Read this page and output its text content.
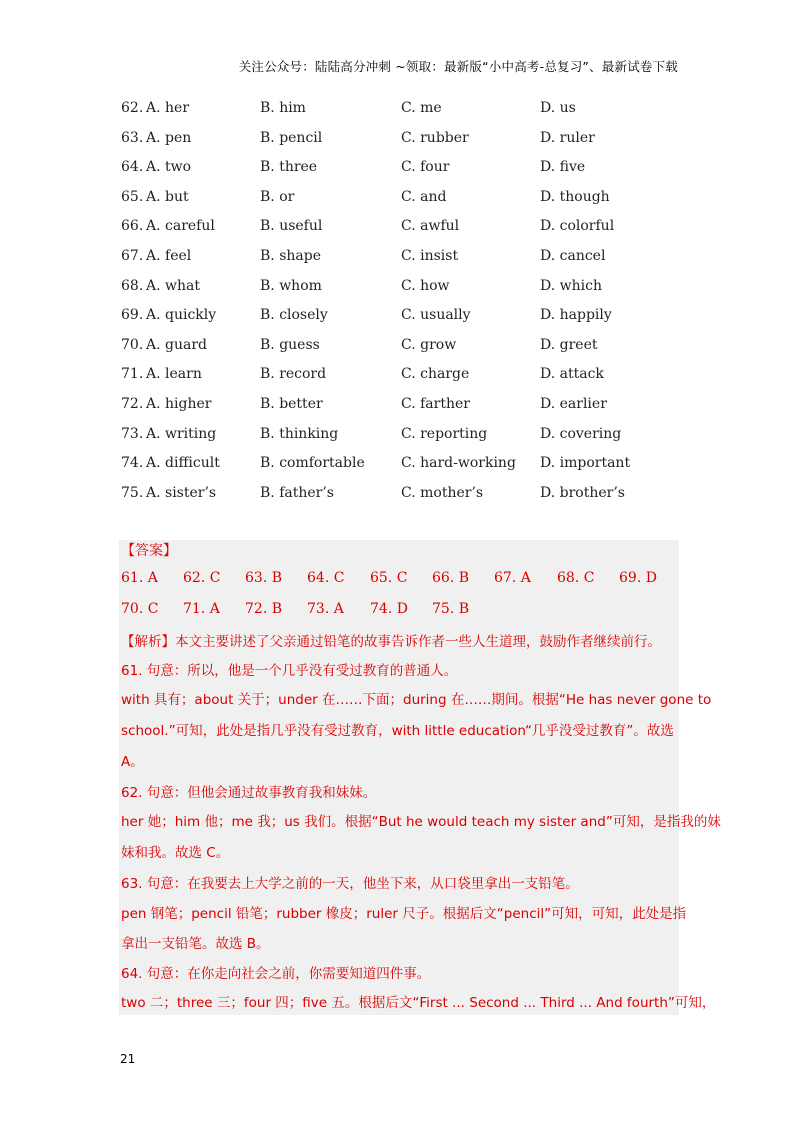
关注公众号：陆陆高分冲刺 ~领取：最新版“小中高考-总复习”、最新试卷下载
【答案】
21
62. A. her	B. him	C. me	D. us
63. A. pen	B. pencil	C. rubber	D. ruler
64. A. two	B. three	C. four	D. five
65. A. but	B. or	C. and	D. though
66. A. careful	B. useful	C. awful	D. colorful
67. A. feel	B. shape	C. insist	D. cancel
68. A. what	B. whom	C. how	D. which
69. A. quickly	B. closely	C. usually	D. happily
70. A. guard	B. guess	C. grow	D. greet
71. A. learn	B. record	C. charge	D. attack
72. A. higher	B. better	C. farther	D. earlier
73. A. writing	B. thinking	C. reporting	D. covering
74. A. difficult	B. comfortable	C. hard-working D. important
75. A. sister’s	B. father’s	C. mother’s	D. brother’s
61. A 62. C 63. B 64. C 65. C 66. B 67. A 68. C 69. D
70. C 71. A 72. B 73. A 74. D 75. B
【解析】本文主要讲述了父亲通过铅笔的故事告诉作者一些人生道理，鼓励作者继续前行。
61. 句意：所以，他是一个几乎没有受过教育的普通人。
with 具有；about 关于；under 在……下面；during 在……期间。根据“He has never gone to
school.”可知，此处是指几乎没有受过教育，with little education“几乎没受过教育”。故选
A。
62. 句意：但他会通过故事教育我和妹妹。
her 她；him 他；me 我；us 我们。根据“But he would teach my sister and”可知，是指我的妹
妹和我。故选 C。
63. 句意：在我要去上大学之前的一天，他坐下来，从口袋里拿出一支铅笔。
pen 钢笔；pencil 铅笔；rubber 橡皮；ruler 尺子。根据后文“pencil”可知，可知，此处是指
拿出一支铅笔。故选 B。
64. 句意：在你走向社会之前，你需要知道四件事。
two 二；three 三；four 四；five 五。根据后文“First ... Second ... Third ... And fourth”可知，
